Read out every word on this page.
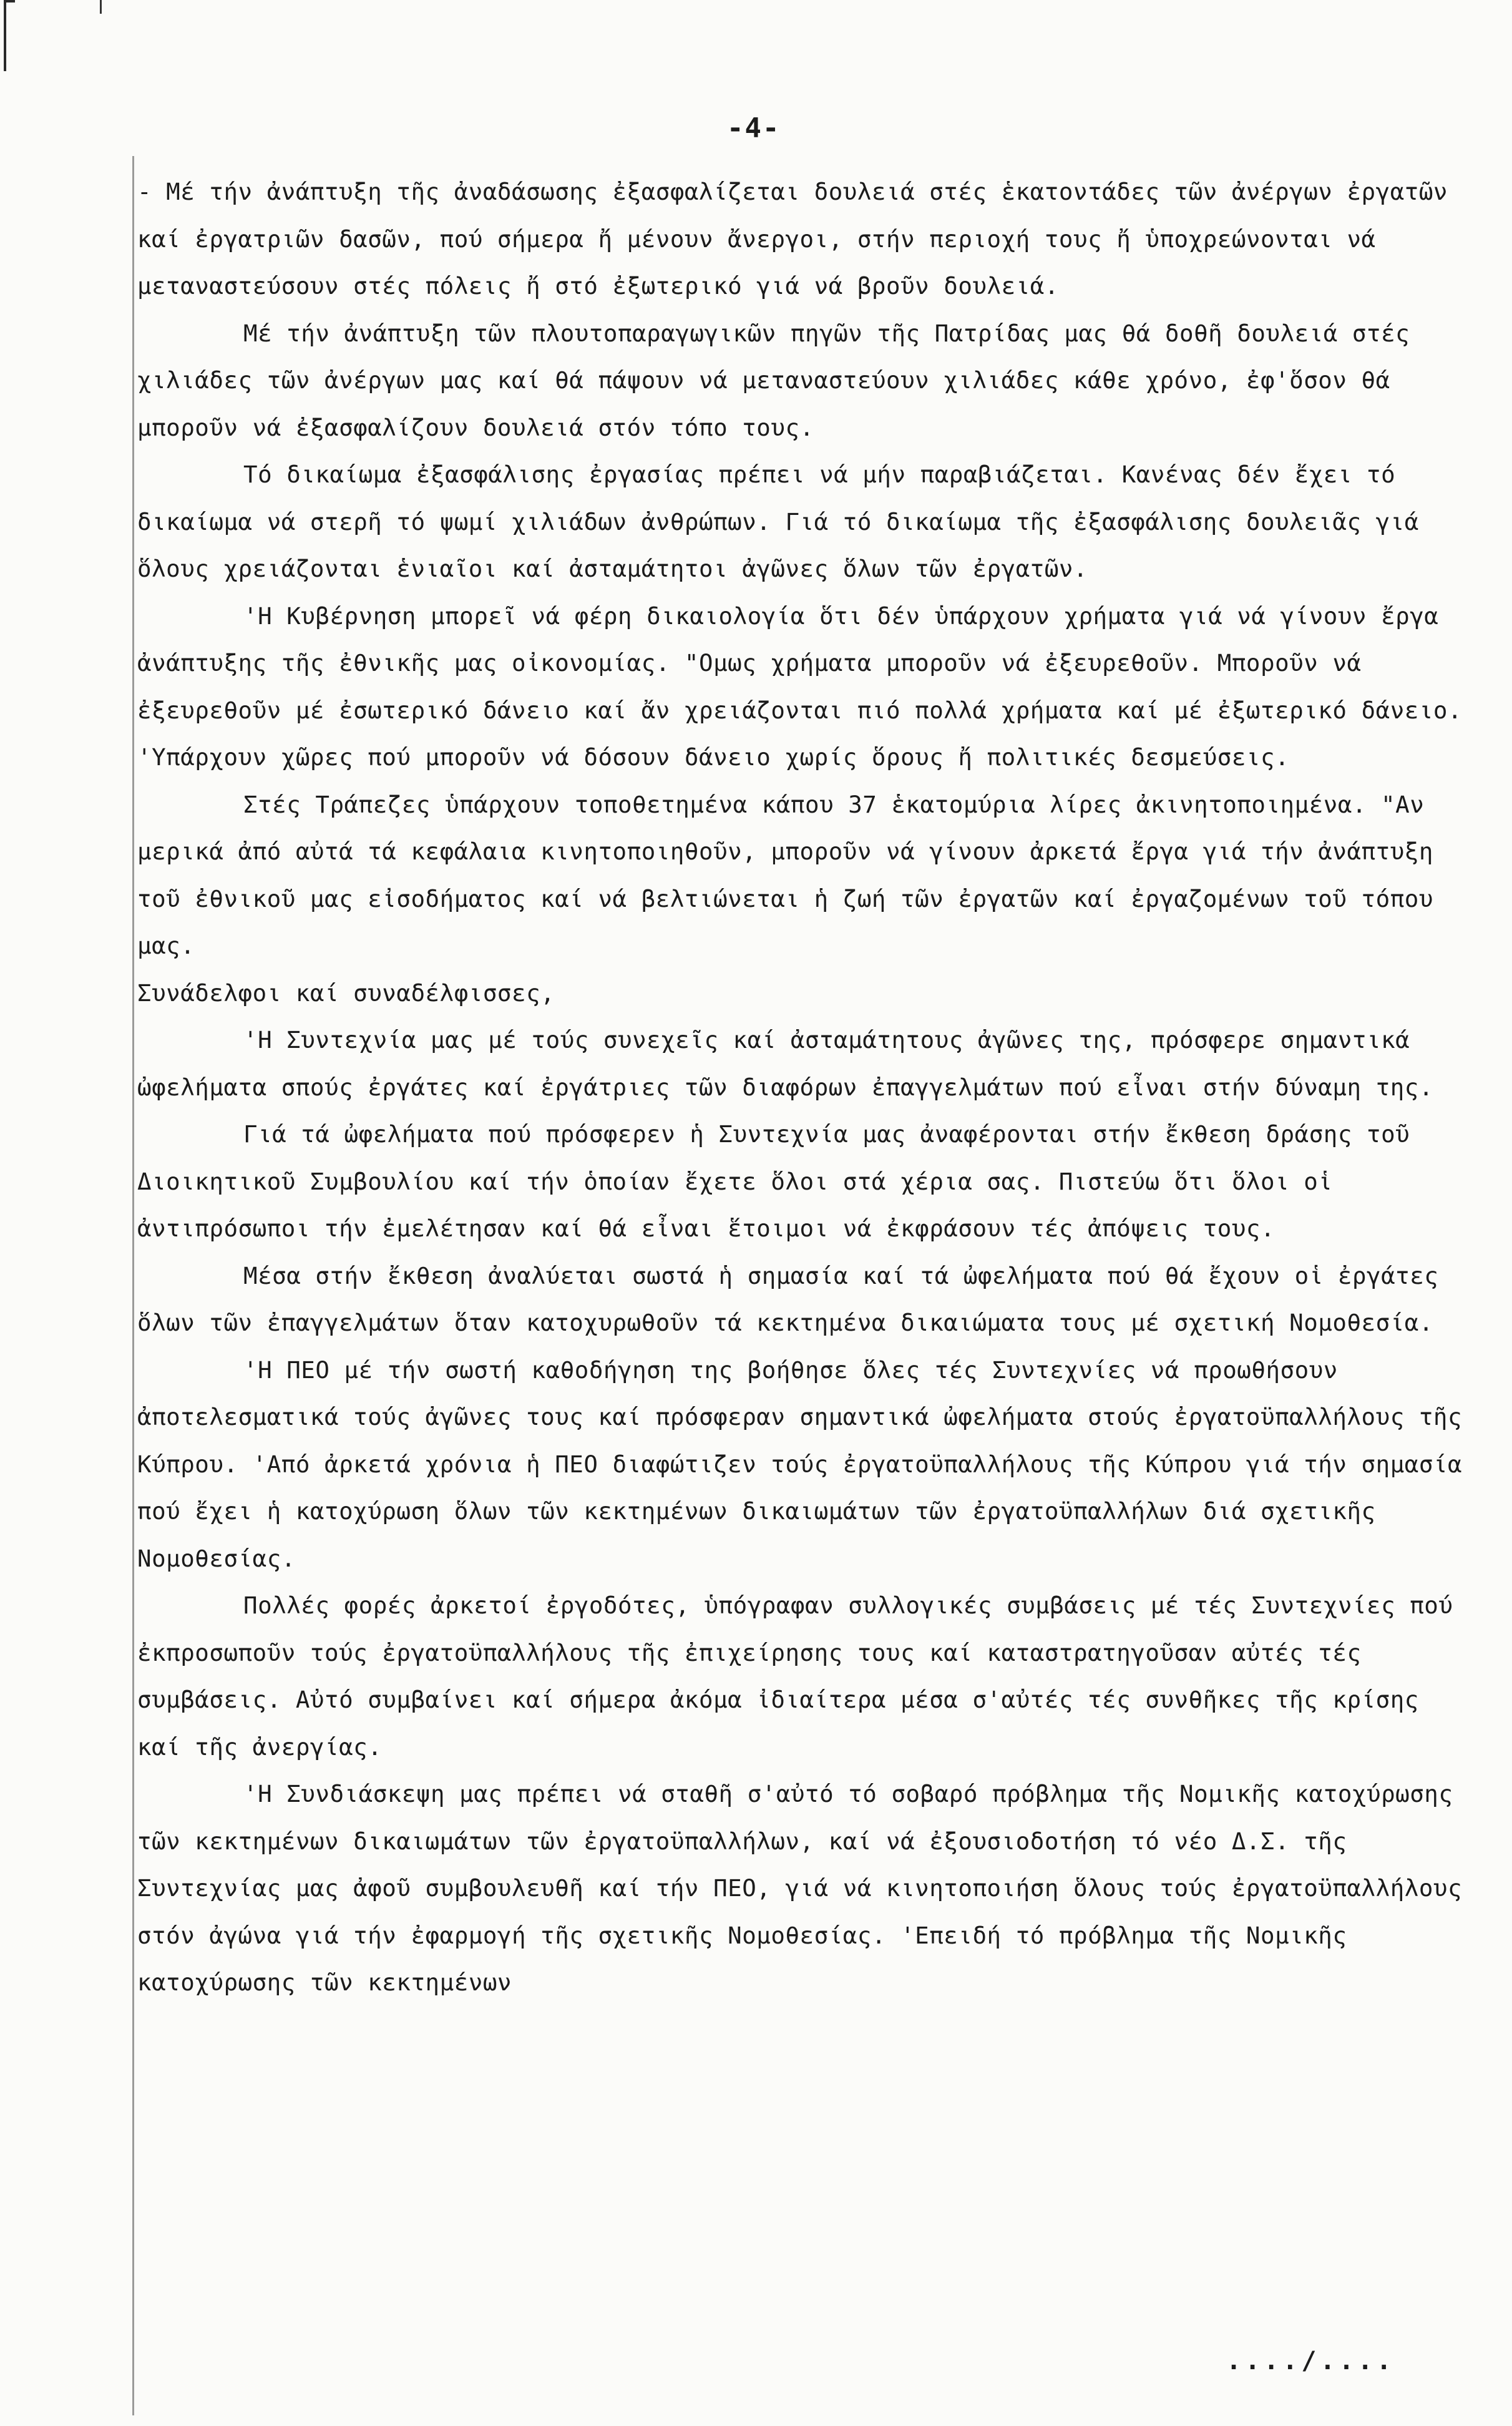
-4-

- Μέ τήν ἀνάπτυξη τῆς ἀναδάσωσης ἐξασφαλίζεται δουλειά στές ἑκατοντάδες τῶν ἀνέργων ἐργατῶν καί ἐργατριῶν δασῶν, πού σήμερα ἤ μένουν ἄνεργοι, στήν περιοχή τους ἤ ὑποχρεώνονται νά μεταναστεύσουν στές πόλεις ἤ στό ἐξωτερικό γιά νά βροῦν δουλειά.

Μέ τήν ἀνάπτυξη τῶν πλουτοπαραγωγικῶν πηγῶν τῆς Πατρίδας μας θά δοθῆ δουλειά στές χιλιάδες τῶν ἀνέργων μας καί θά πάψουν νά μεταναστεύουν χιλιάδες κάθε χρόνο, ἐφ'ὅσον θά μποροῦν νά ἐξασφαλίζουν δουλειά στόν τόπο τους.

Τό δικαίωμα ἐξασφάλισης ἐργασίας πρέπει νά μήν παραβιάζεται. Κανένας δέν ἔχει τό δικαίωμα νά στερῆ τό ψωμί χιλιάδων ἀνθρώπων. Γιά τό δικαίωμα τῆς ἐξασφάλισης δουλειᾶς γιά ὅλους χρειάζονται ἑνιαῖοι καί ἀσταμάτητοι ἀγῶνες ὅλων τῶν ἐργατῶν.

'Η Κυβέρνηση μπορεῖ νά φέρη δικαιολογία ὅτι δέν ὑπάρχουν χρήματα γιά νά γίνουν ἔργα ἀνάπτυξης τῆς ἐθνικῆς μας οἰκονομίας. "Ομως χρήματα μποροῦν νά ἐξευρεθοῦν. Μποροῦν νά ἐξευρεθοῦν μέ ἐσωτερικό δάνειο καί ἄν χρειάζονται πιό πολλά χρήματα καί μέ ἐξωτερικό δάνειο. 'Υπάρχουν χῶρες πού μποροῦν νά δόσουν δάνειο χωρίς ὅρους ἤ πολιτικές δεσμεύσεις.

Στές Τράπεζες ὑπάρχουν τοποθετημένα κάπου 37 ἑκατομύρια λίρες ἀκινητοποιημένα. "Αν μερικά ἀπό αὐτά τά κεφάλαια κινητοποιηθοῦν, μποροῦν νά γίνουν ἀρκετά ἔργα γιά τήν ἀνάπτυξη τοῦ ἐθνικοῦ μας εἰσοδήματος καί νά βελτιώνεται ἡ ζωή τῶν ἐργατῶν καί ἐργαζομένων τοῦ τόπου μας.

Συνάδελφοι καί συναδέλφισσες,

'Η Συντεχνία μας μέ τούς συνεχεῖς καί ἀσταμάτητους ἀγῶνες της, πρόσφερε σημαντικά ὠφελήματα σπούς ἐργάτες καί ἐργάτριες τῶν διαφόρων ἐπαγγελμάτων πού εἶναι στήν δύναμη της.

Γιά τά ὠφελήματα πού πρόσφερεν ἡ Συντεχνία μας ἀναφέρονται στήν ἔκθεση δράσης τοῦ Διοικητικοῦ Συμβουλίου καί τήν ὁποίαν ἔχετε ὅλοι στά χέρια σας. Πιστεύω ὅτι ὅλοι οἱ ἀντιπρόσωποι τήν ἐμελέτησαν καί θά εἶναι ἕτοιμοι νά ἐκφράσουν τές ἀπόψεις τους.

Μέσα στήν ἔκθεση ἀναλύεται σωστά ἡ σημασία καί τά ὠφελήματα πού θά ἔχουν οἱ ἐργάτες ὅλων τῶν ἐπαγγελμάτων ὅταν κατοχυρωθοῦν τά κεκτημένα δικαιώματα τους μέ σχετική Νομοθεσία.

'Η ΠΕΟ μέ τήν σωστή καθοδήγηση της βοήθησε ὅλες τές Συντεχνίες νά προωθήσουν ἀποτελεσματικά τούς ἀγῶνες τους καί πρόσφεραν σημαντικά ὠφελήματα στούς ἐργατοϋπαλλήλους τῆς Κύπρου. 'Από ἀρκετά χρόνια ἡ ΠΕΟ διαφώτιζεν τούς ἐργατοϋπαλλήλους τῆς Κύπρου γιά τήν σημασία πού ἔχει ἡ κατοχύρωση ὅλων τῶν κεκτημένων δικαιωμάτων τῶν ἐργατοϋπαλλήλων διά σχετικῆς Νομοθεσίας.

Πολλές φορές ἀρκετοί ἐργοδότες, ὑπόγραφαν συλλογικές συμβάσεις μέ τές Συντεχνίες πού ἐκπροσωποῦν τούς ἐργατοϋπαλλήλους τῆς ἐπιχείρησης τους καί καταστρατηγοῦσαν αὐτές τές συμβάσεις. Αὐτό συμβαίνει καί σήμερα ἀκόμα ἰδιαίτερα μέσα σ'αὐτές τές συνθῆκες τῆς κρίσης καί τῆς ἀνεργίας.

'Η Συνδιάσκεψη μας πρέπει νά σταθῆ σ'αὐτό τό σοβαρό πρόβλημα τῆς Νομικῆς κατοχύρωσης τῶν κεκτημένων δικαιωμάτων τῶν ἐργατοϋπαλλήλων, καί νά ἐξουσιοδοτήση τό νέο Δ.Σ. τῆς Συντεχνίας μας ἀφοῦ συμβουλευθῆ καί τήν ΠΕΟ, γιά νά κινητοποιήση ὅλους τούς ἐργατοϋπαλλήλους στόν ἀγώνα γιά τήν ἐφαρμογή τῆς σχετικῆς Νομοθεσίας. 'Επειδή τό πρόβλημα τῆς Νομικῆς κατοχύρωσης τῶν κεκτημένων

..../....
